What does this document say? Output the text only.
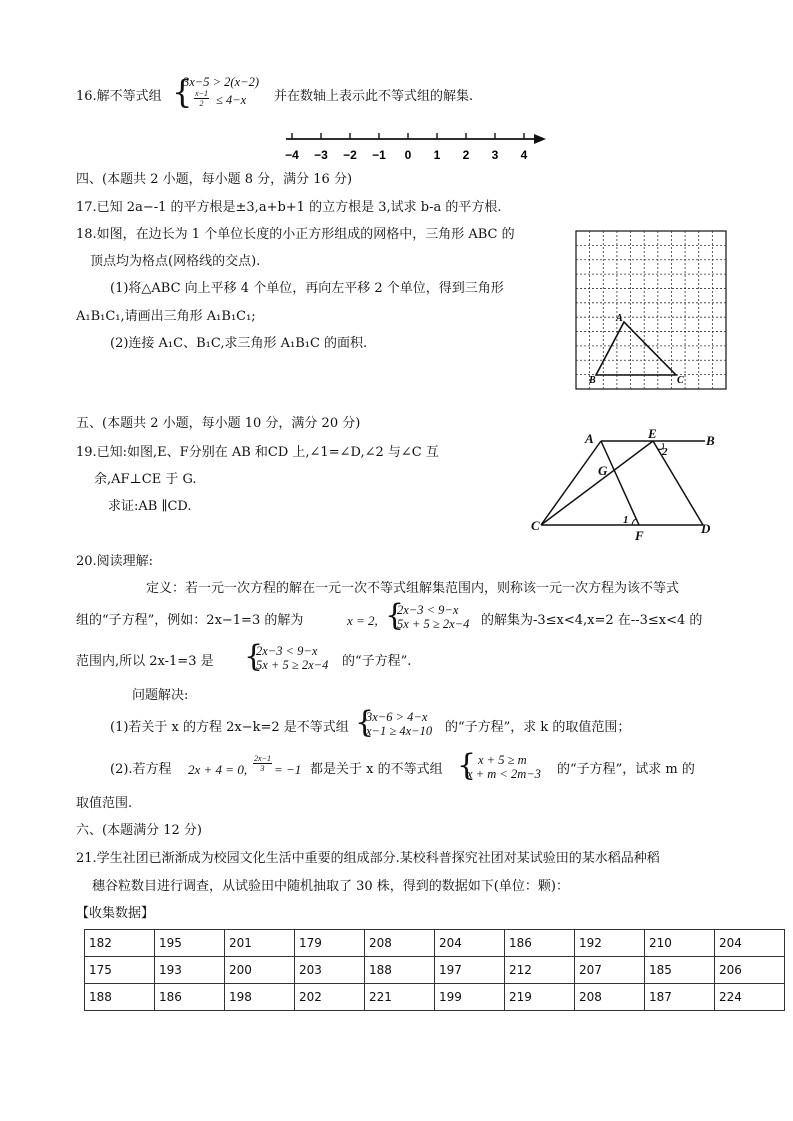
16.解不等式组 {
3x−5 > 2(x−2)
$\frac{x-1}{2} \le 4-x$ 并在数轴上表示此不等式组的解集.
−4 −3 −2 −1 0 1 2 3 4
四、(本题共 2 小题，每小题 8 分，满分 16 分)
17.已知 2a−-1 的平方根是±3,a+b+1 的立方根是 3,试求 b-a 的平方根.
18.如图，在边长为 1 个单位长度的小正方形组成的网格中，三角形 ABC 的
顶点均为格点(网格线的交点).
(1)将△ABC 向上平移 4 个单位，再向左平移 2 个单位，得到三角形
A₁B₁C₁,请画出三角形 A₁B₁C₁;
(2)连接 A₁C、B₁C,求三角形 A₁B₁C 的面积.
A
B	C
五、(本题共 2 小题，每小题 10 分，满分 20 分)
19.已知:如图,E、F分别在 AB 和CD 上,∠1=∠D,∠2 与∠C 互
余,AF⊥CE 于 G.
求证:AB ∥CD.
A	E	B
G
2
1
C
F	D
20.阅读理解:
定义：若一元一次方程的解在一元一次不等式组解集范围内，则称该一元一次方程为该不等式
组的“子方程”，例如：2x−1=3 的解为	x = 2, {
2x−3 < 9−x
5x + 5 ≥ 2x−4 的解集为-3≤x<4,x=2 在--3≤x<4 的
范围内,所以 2x-1=3 是 {
2x−3 < 9−x
5x + 5 ≥ 2x−4 的“子方程”.
问题解决:
(1)若关于 x 的方程 2x−k=2 是不等式组 {
3x−6 > 4−x
x−1 ≥ 4x−10 的“子方程”，求 k 的取值范围；
(2).若方程 2x + 4 = 0, $\frac{2x-1}{3} = -1$ 都是关于 x 的不等式组 { x + 5 ≥ m
x + m < 2m−3 的“子方程”，试求 m 的
取值范围.
六、(本题满分 12 分)
21.学生社团已渐渐成为校园文化生活中重要的组成部分.某校科普探究社团对某试验田的某水稻品种稻
穗谷粒数目进行调查，从试验田中随机抽取了 30 株，得到的数据如下(单位：颗)：
【收集数据】
182	195	201	179	208	204	186	192	210	204
175	193	200	203	188	197	212	207	185	206
188	186	198	202	221	199	219	208	187	224
